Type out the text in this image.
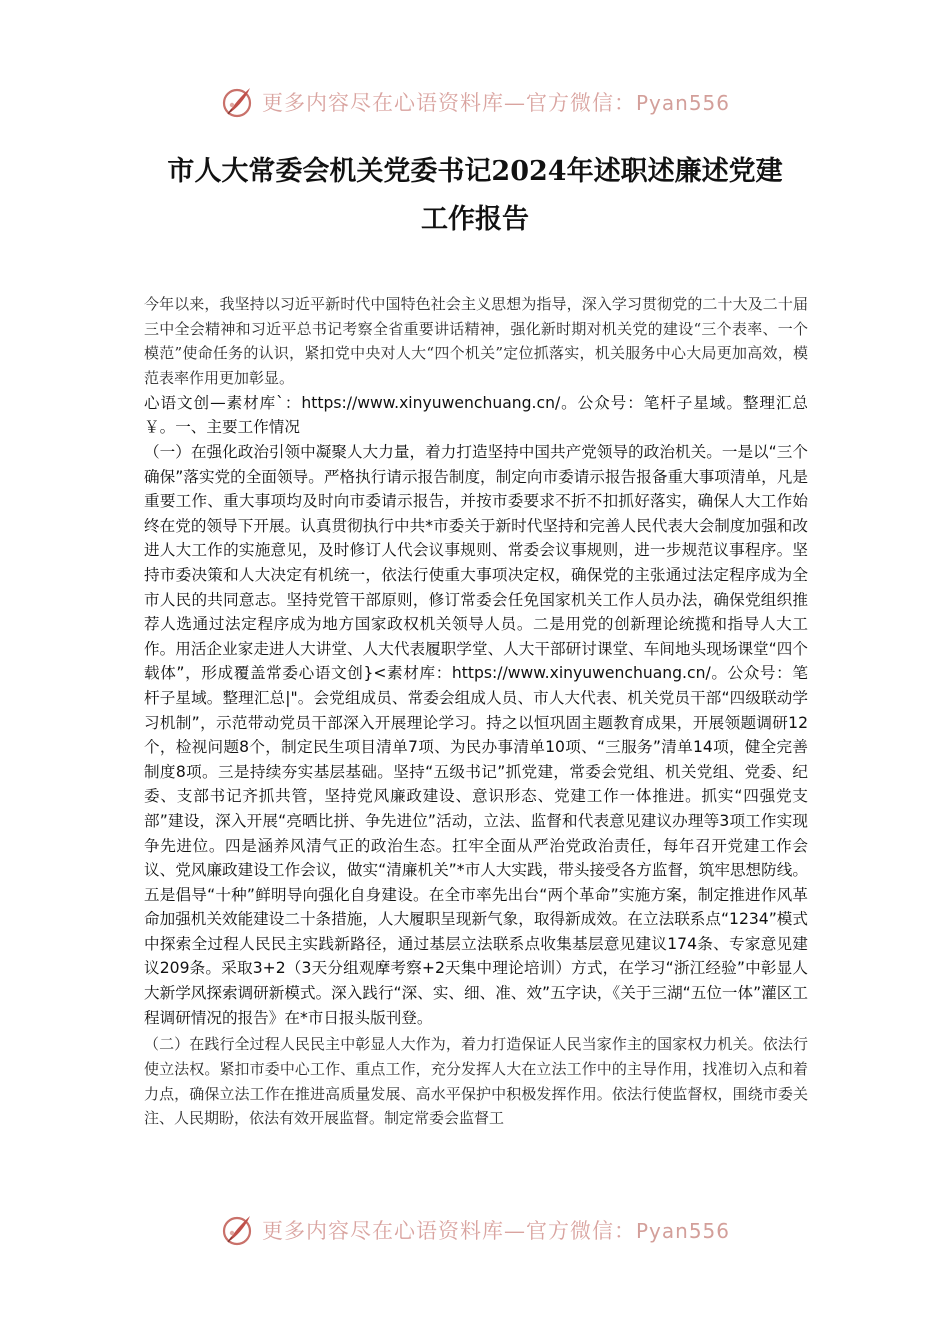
更多内容尽在心语资料库—官方微信：Pyan556
市人大常委会机关党委书记2024年述职述廉述党建
工作报告

今年以来，我坚持以习近平新时代中国特色社会主义思想为指导，深入学习贯彻党的二十大及二十届三中全会精神和习近平总书记考察全省重要讲话精神，强化新时期对机关党的建设“三个表率、一个模范”使命任务的认识，紧扣党中央对人大“四个机关”定位抓落实，机关服务中心大局更加高效，模范表率作用更加彰显。

心语文创—素材库`：https://www.xinyuwenchuang.cn/。公众号：笔杆子星域。整理汇总￥。一、主要工作情况

（一）在强化政治引领中凝聚人大力量，着力打造坚持中国共产党领导的政治机关。一是以“三个确保”落实党的全面领导。严格执行请示报告制度，制定向市委请示报告报备重大事项清单，凡是重要工作、重大事项均及时向市委请示报告，并按市委要求不折不扣抓好落实，确保人大工作始终在党的领导下开展。认真贯彻执行中共*市委关于新时代坚持和完善人民代表大会制度加强和改进人大工作的实施意见，及时修订人代会议事规则、常委会议事规则，进一步规范议事程序。坚持市委决策和人大决定有机统一，依法行使重大事项决定权，确保党的主张通过法定程序成为全市人民的共同意志。坚持党管干部原则，修订常委会任免国家机关工作人员办法，确保党组织推荐人选通过法定程序成为地方国家政权机关领导人员。二是用党的创新理论统揽和指导人大工作。用活企业家走进人大讲堂、人大代表履职学堂、人大干部研讨课堂、车间地头现场课堂“四个载体”，形成覆盖常委心语文创}<素材库：https://www.xinyuwenchuang.cn/。公众号：笔杆子星域。整理汇总|"。会党组成员、常委会组成人员、市人大代表、机关党员干部“四级联动学习机制”，示范带动党员干部深入开展理论学习。持之以恒巩固主题教育成果，开展领题调研12个，检视问题8个，制定民生项目清单7项、为民办事清单10项、“三服务”清单14项，健全完善制度8项。三是持续夯实基层基础。坚持“五级书记”抓党建，常委会党组、机关党组、党委、纪委、支部书记齐抓共管，坚持党风廉政建设、意识形态、党建工作一体推进。抓实“四强党支部”建设，深入开展“亮晒比拼、争先进位”活动，立法、监督和代表意见建议办理等3项工作实现争先进位。四是涵养风清气正的政治生态。扛牢全面从严治党政治责任，每年召开党建工作会议、党风廉政建设工作会议，做实“清廉机关”*市人大实践，带头接受各方监督，筑牢思想防线。五是倡导“十种”鲜明导向强化自身建设。在全市率先出台“两个革命”实施方案，制定推进作风革命加强机关效能建设二十条措施，人大履职呈现新气象，取得新成效。在立法联系点“1234”模式中探索全过程人民民主实践新路径，通过基层立法联系点收集基层意见建议174条、专家意见建议209条。采取3+2（3天分组观摩考察+2天集中理论培训）方式，在学习“浙江经验”中彰显人大新学风探索调研新模式。深入践行“深、实、细、准、效”五字诀，《关于三湖“五位一体”灌区工程调研情况的报告》在*市日报头版刊登。

（二）在践行全过程人民民主中彰显人大作为，着力打造保证人民当家作主的国家权力机关。依法行使立法权。紧扣市委中心工作、重点工作，充分发挥人大在立法工作中的主导作用，找准切入点和着力点，确保立法工作在推进高质量发展、高水平保护中积极发挥作用。依法行使监督权，围绕市委关注、人民期盼，依法有效开展监督。制定常委会监督工

更多内容尽在心语资料库—官方微信：Pyan556
